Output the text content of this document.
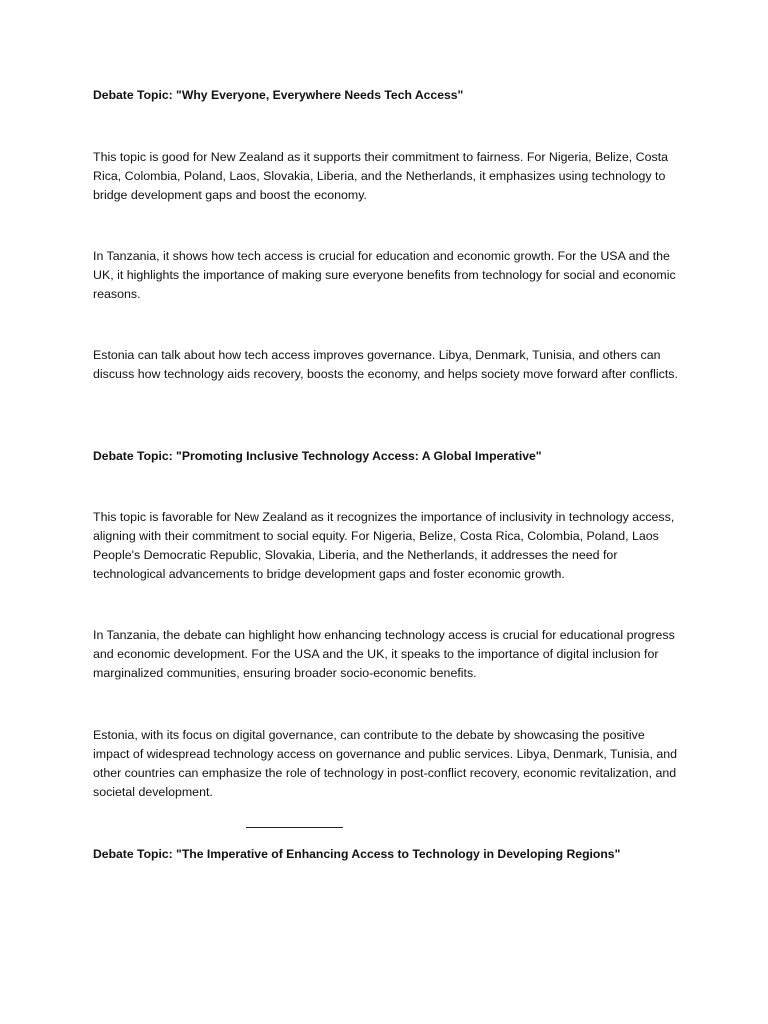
Debate Topic: "Why Everyone, Everywhere Needs Tech Access"

This topic is good for New Zealand as it supports their commitment to fairness. For Nigeria, Belize, Costa Rica, Colombia, Poland, Laos, Slovakia, Liberia, and the Netherlands, it emphasizes using technology to bridge development gaps and boost the economy.

In Tanzania, it shows how tech access is crucial for education and economic growth. For the USA and the UK, it highlights the importance of making sure everyone benefits from technology for social and economic reasons.

Estonia can talk about how tech access improves governance. Libya, Denmark, Tunisia, and others can discuss how technology aids recovery, boosts the economy, and helps society move forward after conflicts.

Debate Topic: "Promoting Inclusive Technology Access: A Global Imperative"

This topic is favorable for New Zealand as it recognizes the importance of inclusivity in technology access, aligning with their commitment to social equity. For Nigeria, Belize, Costa Rica, Colombia, Poland, Laos People's Democratic Republic, Slovakia, Liberia, and the Netherlands, it addresses the need for technological advancements to bridge development gaps and foster economic growth.

In Tanzania, the debate can highlight how enhancing technology access is crucial for educational progress and economic development. For the USA and the UK, it speaks to the importance of digital inclusion for marginalized communities, ensuring broader socio-economic benefits.

Estonia, with its focus on digital governance, can contribute to the debate by showcasing the positive impact of widespread technology access on governance and public services. Libya, Denmark, Tunisia, and other countries can emphasize the role of technology in post-conflict recovery, economic revitalization, and societal development.

Debate Topic: "The Imperative of Enhancing Access to Technology in Developing Regions"
